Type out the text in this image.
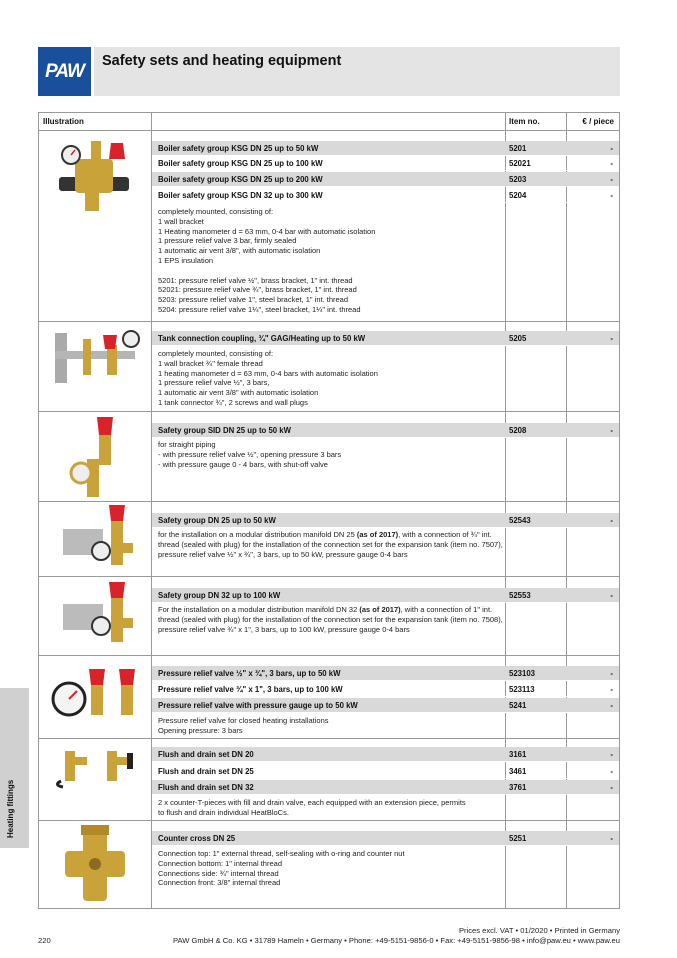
PAW	Safety sets and heating equipment
Heating fittings
Illustration	Item no.	€ / piece
Boiler safety group KSG DN 25 up to 50 kW	5201	-
Boiler safety group KSG DN 25 up to 100 kW	52021	-
Boiler safety group KSG DN 25 up to 200 kW	5203	-
Boiler safety group KSG DN 32 up to 300 kW	5204	-
completely mounted, consisting of:
1 wall bracket
1 Heating manometer d = 63 mm, 0-4 bar with automatic isolation
1 pressure relief valve 3 bar, firmly sealed
1 automatic air vent 3/8", with automatic isolation
1 EPS insulation
5201: pressure relief valve ½", brass bracket, 1" int. thread
52021: pressure relief valve ¾", brass bracket, 1" int. thread
5203: pressure relief valve 1", steel bracket, 1" int. thread
5204: pressure relief valve 1¼", steel bracket, 1¼" int. thread
Tank connection coupling, ¾" GAG/Heating up to 50 kW	5205	-
completely mounted, consisting of:
1 wall bracket ¾" female thread
1 heating manometer d = 63 mm, 0-4 bars with automatic isolation
1 pressure relief valve ½", 3 bars,
1 automatic air vent 3/8" with automatic isolation
1 tank connector ¾", 2 screws and wall plugs
Safety group SID DN 25 up to 50 kW	5208	-
for straight piping
- with pressure relief valve ½", opening pressure 3 bars
- with pressure gauge 0 - 4 bars, with shut-off valve
Safety group DN 25 up to 50 kW	52543	-
for the installation on a modular distribution manifold DN 25 (as of 2017), with a connection of ¾" int. thread (sealed with plug) for the installation of the connection set for the expansion tank (item no. 7507), pressure relief valve ½" x ¾", 3 bars, up to 50 kW, pressure gauge 0-4 bars
Safety group DN 32 up to 100 kW	52553	-
For the installation on a modular distribution manifold DN 32 (as of 2017), with a connection of 1" int. thread (sealed with plug) for the installation of the connection set for the expansion tank (item no. 7508), pressure relief valve ¾" x 1", 3 bars, up to 100 kW, pressure gauge 0-4 bars
Pressure relief valve ½" x ¾", 3 bars, up to 50 kW	523103	-
Pressure relief valve ¾" x 1", 3 bars, up to 100 kW	523113	-
Pressure relief valve with pressure gauge up to 50 kW	5241	-
Pressure relief valve for closed heating installations
Opening pressure: 3 bars
Flush and drain set DN 20	3161	-
Flush and drain set DN 25	3461	-
Flush and drain set DN 32	3761	-
2 x counter-T-pieces with fill and drain valve, each equipped with an extension piece, permits
to flush and drain individual HeatBloCs.
Counter cross DN 25	5251	-
Connection top: 1" external thread, self-sealing with o-ring and counter nut
Connection bottom: 1" internal thread
Connections side: ¾" internal thread
Connection front: 3/8" internal thread
Prices excl. VAT • 01/2020 • Printed in Germany
220	PAW GmbH & Co. KG • 31789 Hameln • Germany • Phone: +49-5151-9856-0 • Fax: +49-5151-9856-98 • info@paw.eu • www.paw.eu
